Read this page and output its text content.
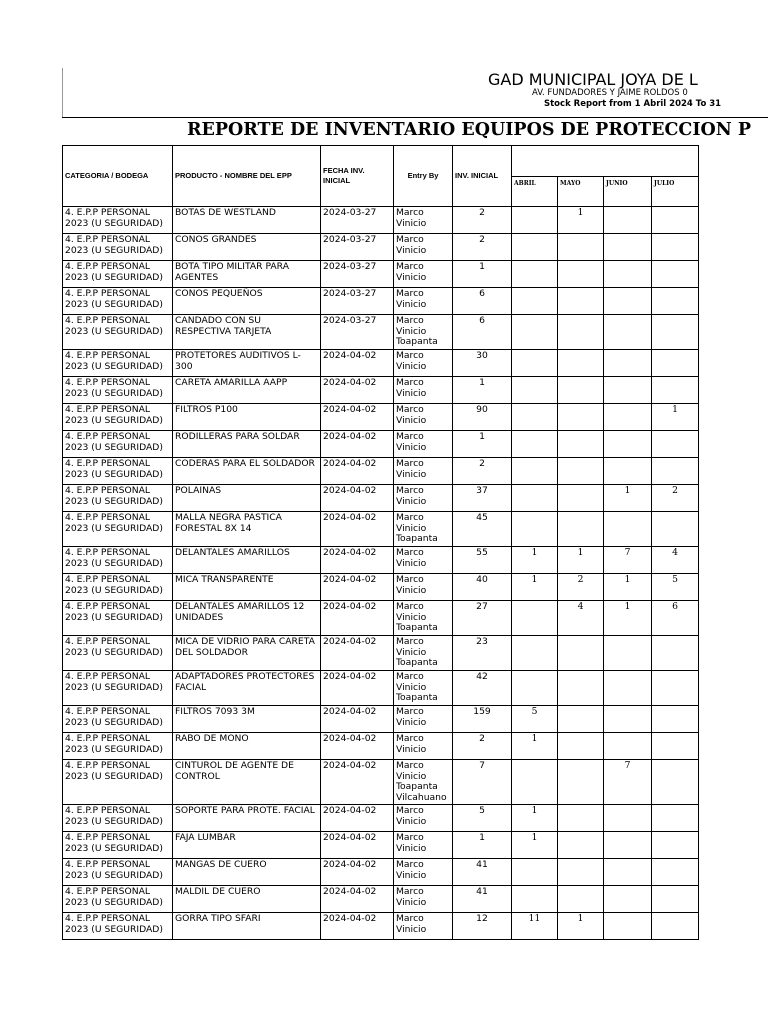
GAD MUNICIPAL JOYA DE L
AV. FUNDADORES Y JAIME ROLDOS 0
Stock Report from 1 Abril 2024 To 31
REPORTE DE INVENTARIO EQUIPOS DE PROTECCION P
CATEGORIA / BODEGA	PRODUCTO - NOMBRE DEL EPP	FECHA INV. INICIAL	Entry By	INV. INICIAL				
					ABRIL	MAYO	JUNIO	JULIO
4. E.P.P PERSONAL 2023 (U SEGURIDAD)	BOTAS DE WESTLAND	2024-03-27	Marco Vinicio	2		1		
4. E.P.P PERSONAL 2023 (U SEGURIDAD)	CONOS GRANDES	2024-03-27	Marco Vinicio	2				
4. E.P.P PERSONAL 2023 (U SEGURIDAD)	BOTA TIPO MILITAR PARA AGENTES	2024-03-27	Marco Vinicio	1				
4. E.P.P PERSONAL 2023 (U SEGURIDAD)	CONOS PEQUEÑOS	2024-03-27	Marco Vinicio	6				
4. E.P.P PERSONAL 2023 (U SEGURIDAD)	CANDADO CON SU RESPECTIVA TARJETA	2024-03-27	Marco Vinicio Toapanta	6				
4. E.P.P PERSONAL 2023 (U SEGURIDAD)	PROTETORES AUDITIVOS L- 300	2024-04-02	Marco Vinicio	30				
4. E.P.P PERSONAL 2023 (U SEGURIDAD)	CARETA AMARILLA AAPP	2024-04-02	Marco Vinicio	1				
4. E.P.P PERSONAL 2023 (U SEGURIDAD)	FILTROS P100	2024-04-02	Marco Vinicio	90				1
4. E.P.P PERSONAL 2023 (U SEGURIDAD)	RODILLERAS PARA SOLDAR	2024-04-02	Marco Vinicio	1				
4. E.P.P PERSONAL 2023 (U SEGURIDAD)	CODERAS PARA EL SOLDADOR	2024-04-02	Marco Vinicio	2				
4. E.P.P PERSONAL 2023 (U SEGURIDAD)	POLAINAS	2024-04-02	Marco Vinicio	37			1	2
4. E.P.P PERSONAL 2023 (U SEGURIDAD)	MALLA NEGRA PASTICA FORESTAL 8X 14	2024-04-02	Marco Vinicio Toapanta	45				
4. E.P.P PERSONAL 2023 (U SEGURIDAD)	DELANTALES AMARILLOS	2024-04-02	Marco Vinicio	55	1	1	7	4
4. E.P.P PERSONAL 2023 (U SEGURIDAD)	MICA TRANSPARENTE	2024-04-02	Marco Vinicio	40	1	2	1	5
4. E.P.P PERSONAL 2023 (U SEGURIDAD)	DELANTALES AMARILLOS 12 UNIDADES	2024-04-02	Marco Vinicio Toapanta	27		4	1	6
4. E.P.P PERSONAL 2023 (U SEGURIDAD)	MICA DE VIDRIO PARA CARETA DEL SOLDADOR	2024-04-02	Marco Vinicio Toapanta	23				
4. E.P.P PERSONAL 2023 (U SEGURIDAD)	ADAPTADORES PROTECTORES FACIAL	2024-04-02	Marco Vinicio Toapanta	42				
4. E.P.P PERSONAL 2023 (U SEGURIDAD)	FILTROS 7093 3M	2024-04-02	Marco Vinicio	159	5			
4. E.P.P PERSONAL 2023 (U SEGURIDAD)	RABO DE MONO	2024-04-02	Marco Vinicio	2	1			
4. E.P.P PERSONAL 2023 (U SEGURIDAD)	CINTUROL DE AGENTE DE CONTROL	2024-04-02	Marco Vinicio Toapanta Vilcahuano	7			7	
4. E.P.P PERSONAL 2023 (U SEGURIDAD)	SOPORTE PARA PROTE. FACIAL	2024-04-02	Marco Vinicio	5	1			
4. E.P.P PERSONAL 2023 (U SEGURIDAD)	FAJA LUMBAR	2024-04-02	Marco Vinicio	1	1			
4. E.P.P PERSONAL 2023 (U SEGURIDAD)	MANGAS DE CUERO	2024-04-02	Marco Vinicio	41				
4. E.P.P PERSONAL 2023 (U SEGURIDAD)	MALDIL DE CUERO	2024-04-02	Marco Vinicio	41				
4. E.P.P PERSONAL 2023 (U SEGURIDAD)	GORRA TIPO SFARI	2024-04-02	Marco Vinicio	12	11	1		
